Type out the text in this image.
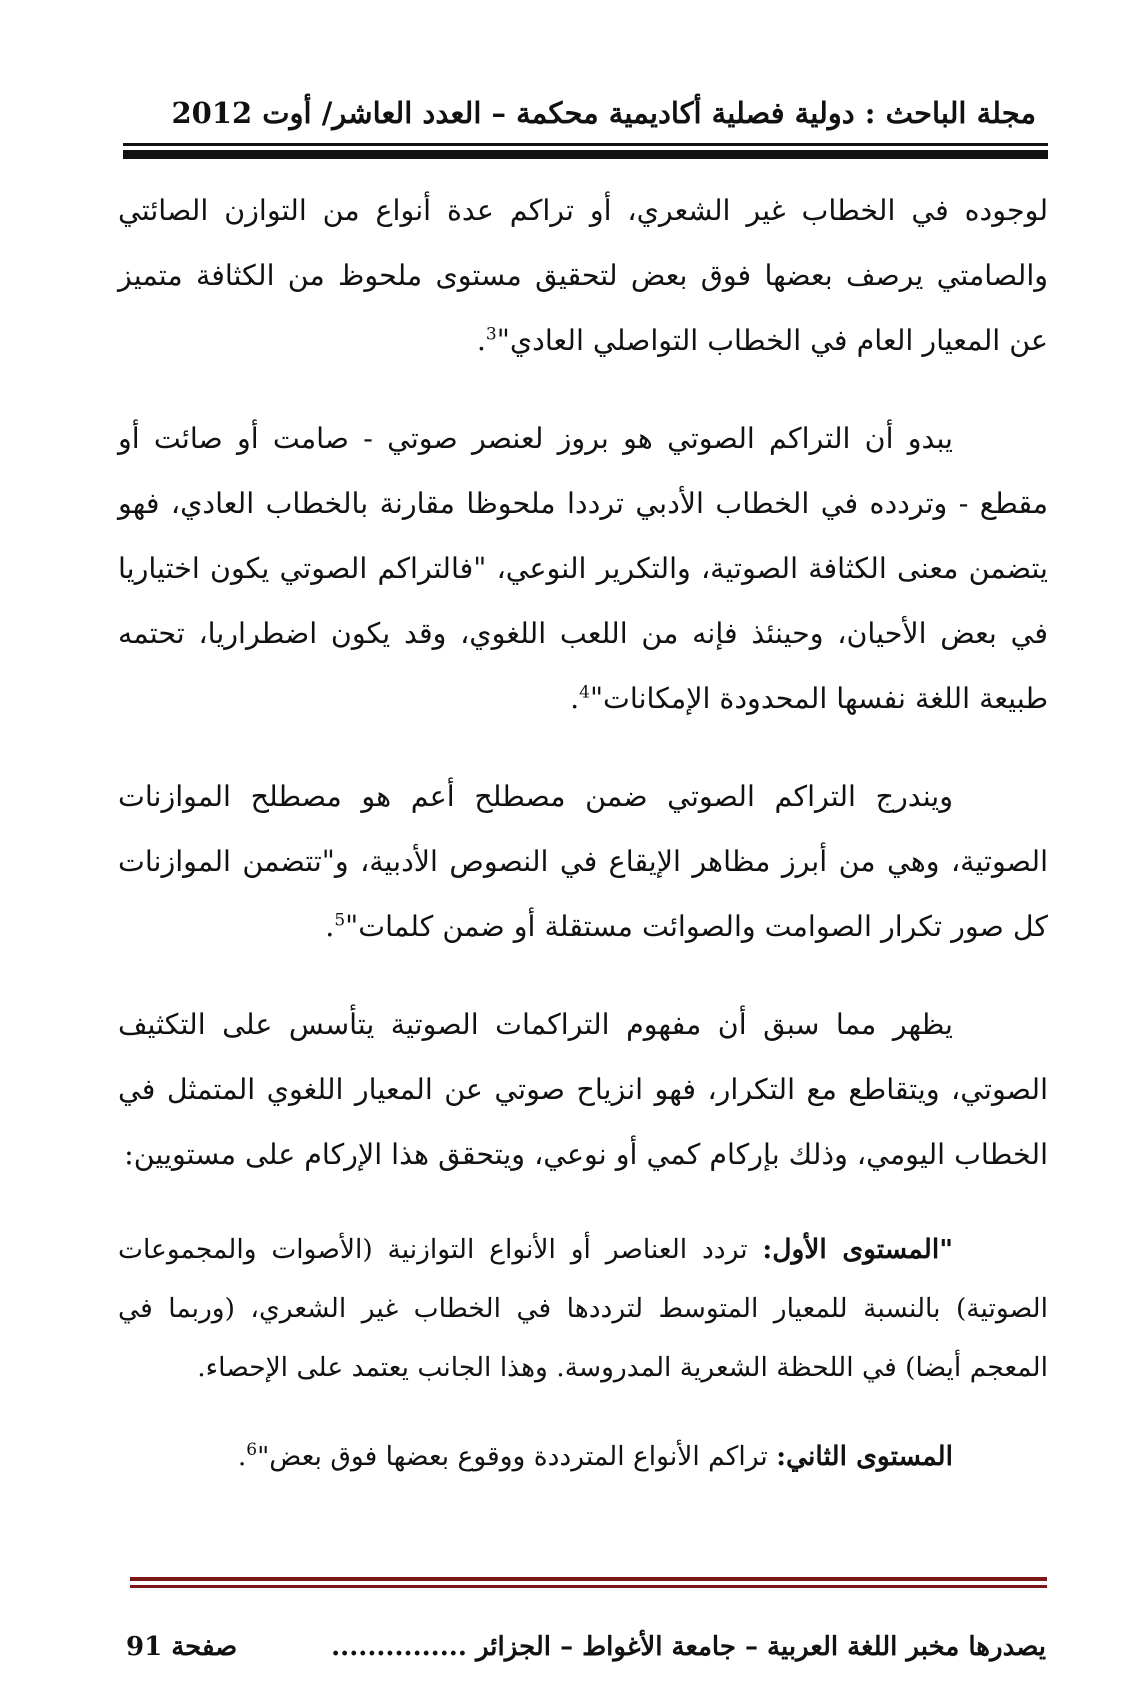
مجلة الباحث : دولية فصلية أكاديمية محكمة – العدد العاشر/ أوت 2012

لوجوده في الخطاب غير الشعري، أو تراكم عدة أنواع من التوازن الصائتي والصامتي يرصف بعضها فوق بعض لتحقيق مستوى ملحوظ من الكثافة متميز عن المعيار العام في الخطاب التواصلي العادي"$^3$.

يبدو أن التراكم الصوتي هو بروز لعنصر صوتي - صامت أو صائت أو مقطع - وتردده في الخطاب الأدبي ترددا ملحوظا مقارنة بالخطاب العادي، فهو يتضمن معنى الكثافة الصوتية، والتكرير النوعي، "فالتراكم الصوتي يكون اختياريا في بعض الأحيان، وحينئذ فإنه من اللعب اللغوي، وقد يكون اضطراريا، تحتمه طبيعة اللغة نفسها المحدودة الإمكانات"$^4$.

ويندرج التراكم الصوتي ضمن مصطلح أعم هو مصطلح الموازنات الصوتية، وهي من أبرز مظاهر الإيقاع في النصوص الأدبية، و"تتضمن الموازنات كل صور تكرار الصوامت والصوائت مستقلة أو ضمن كلمات"$^5$.

يظهر مما سبق أن مفهوم التراكمات الصوتية يتأسس على التكثيف الصوتي، ويتقاطع مع التكرار، فهو انزياح صوتي عن المعيار اللغوي المتمثل في الخطاب اليومي، وذلك بإركام كمي أو نوعي، ويتحقق هذا الإركام على مستويين:

"المستوى الأول: تردد العناصر أو الأنواع التوازنية (الأصوات والمجموعات الصوتية) بالنسبة للمعيار المتوسط لترددها في الخطاب غير الشعري، (وربما في المعجم أيضا) في اللحظة الشعرية المدروسة. وهذا الجانب يعتمد على الإحصاء.

المستوى الثاني: تراكم الأنواع المترددة ووقوع بعضها فوق بعض"$^6$.

يصدرها مخبر اللغة العربية – جامعة الأغواط – الجزائر ...............
صفحة 91
